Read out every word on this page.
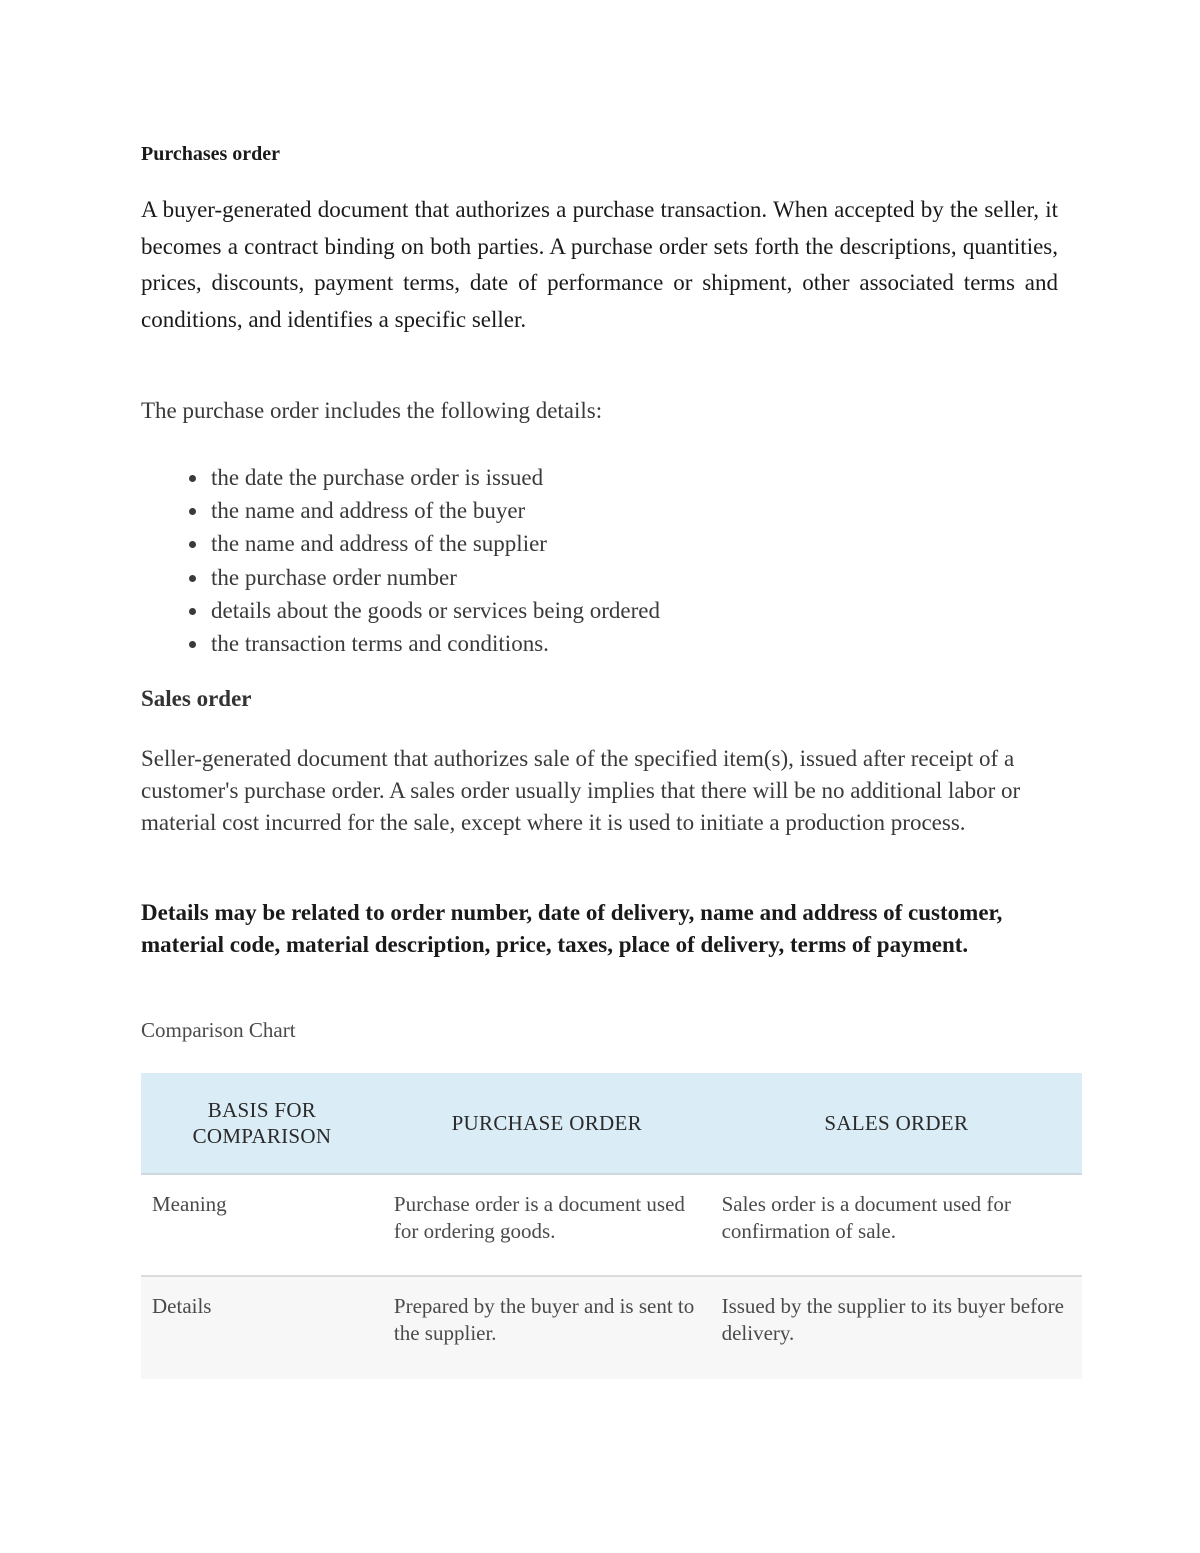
Purchases order

A buyer-generated document that authorizes a purchase transaction. When accepted by the seller, it becomes a contract binding on both parties. A purchase order sets forth the descriptions, quantities, prices, discounts, payment terms, date of performance or shipment, other associated terms and conditions, and identifies a specific seller.

The purchase order includes the following details:

the date the purchase order is issued
the name and address of the buyer
the name and address of the supplier
the purchase order number
details about the goods or services being ordered
the transaction terms and conditions.

Sales order

Seller-generated document that authorizes sale of the specified item(s), issued after receipt of a customer's purchase order. A sales order usually implies that there will be no additional labor or material cost incurred for the sale, except where it is used to initiate a production process.

Details may be related to order number, date of delivery, name and address of customer, material code, material description, price, taxes, place of delivery, terms of payment.

Comparison Chart

BASIS FOR COMPARISON	PURCHASE ORDER	SALES ORDER
Meaning	Purchase order is a document used for ordering goods.	Sales order is a document used for confirmation of sale.
Details	Prepared by the buyer and is sent to the supplier.	Issued by the supplier to its buyer before delivery.
